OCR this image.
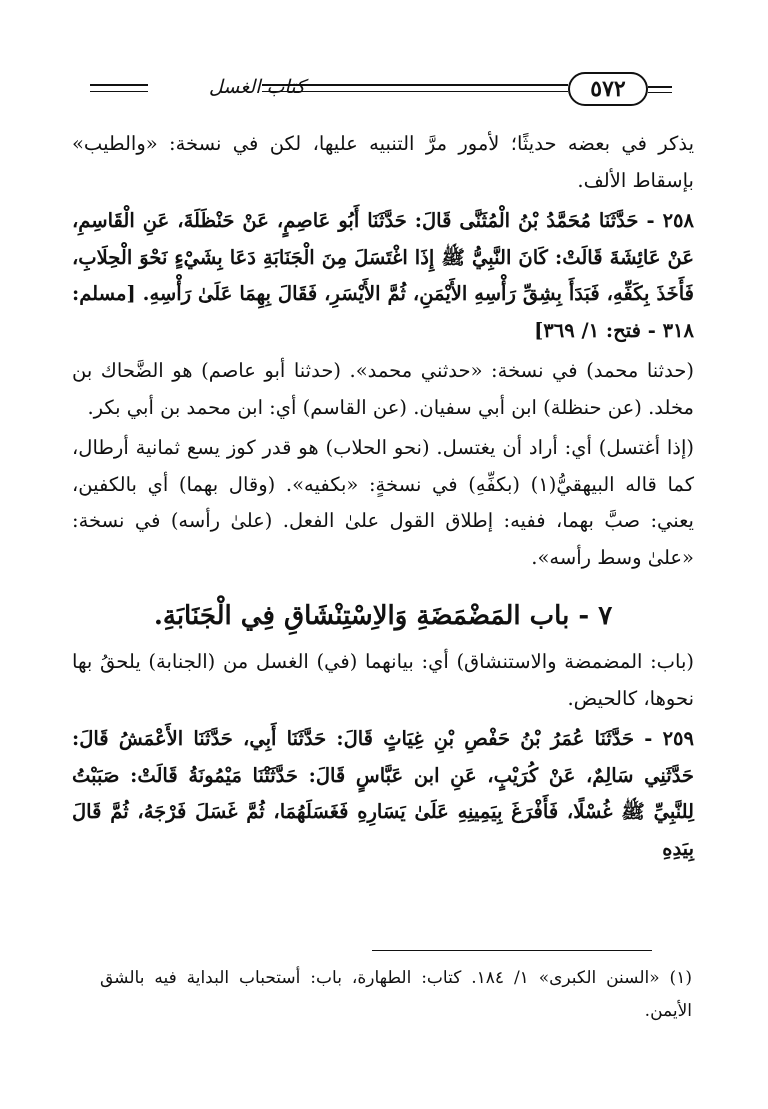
كتاب الغسل	٥٧٢

يذكر في بعضه حديثًا؛ لأمور مرَّ التنبيه عليها، لكن في نسخة: «والطيب» بإسقاط الألف.

٢٥٨ - حَدَّثَنَا مُحَمَّدُ بْنُ الْمُثَنَّى قَالَ: حَدَّثَنَا أَبُو عَاصِمٍ، عَنْ حَنْظَلَةَ، عَنِ الْقَاسِمِ، عَنْ عَائِشَةَ قَالَتْ: كَانَ النَّبِيُّ ﷺ إِذَا اغْتَسَلَ مِنَ الْجَنَابَةِ دَعَا بِشَيْءٍ نَحْوَ الْحِلَابِ، فَأَخَذَ بِكَفِّهِ، فَبَدَأَ بِشِقِّ رَأْسِهِ الأَيْمَنِ، ثُمَّ الأَيْسَرِ، فَقَالَ بِهِمَا عَلَىٰ رَأْسِهِ. [مسلم: ٣١٨ - فتح: ١/ ٣٦٩]

(حدثنا محمد) في نسخة: «حدثني محمد». (حدثنا أبو عاصم) هو الضَّحاك بن مخلد. (عن حنظلة) ابن أبي سفيان. (عن القاسم) أي: ابن محمد بن أبي بكر.

(إذا أغتسل) أي: أراد أن يغتسل. (نحو الحلاب) هو قدر كوز يسع ثمانية أرطال، كما قاله البيهقيُّ(١) (بكفِّهِ) في نسخةٍ: «بكفيه». (وقال بهما) أي بالكفين، يعني: صبَّ بهما، ففيه: إطلاق القول علىٰ الفعل. (علىٰ رأسه) في نسخة: «علىٰ وسط رأسه».

٧ - باب المَضْمَضَةِ وَالاِسْتِنْشَاقِ فِي الْجَنَابَةِ.

(باب: المضمضة والاستنشاق) أي: بيانهما (في) الغسل من (الجنابة) يلحقُ بها نحوها، كالحيض.

٢٥٩ - حَدَّثَنَا عُمَرُ بْنُ حَفْصِ بْنِ غِيَاثٍ قَالَ: حَدَّثَنَا أَبِي، حَدَّثَنَا الأَعْمَشُ قَالَ: حَدَّثَنِي سَالِمٌ، عَنْ كُرَيْبٍ، عَنِ ابن عَبَّاسٍ قَالَ: حَدَّثَتْنَا مَيْمُونَةُ قَالَتْ: صَبَبْتُ لِلنَّبِيِّ ﷺ غُسْلًا، فَأَفْرَغَ بِيَمِينِهِ عَلَىٰ يَسَارِهِ فَغَسَلَهُمَا، ثُمَّ غَسَلَ فَرْجَهُ، ثُمَّ قَالَ بِيَدِهِ

(١) «السنن الكبرى» ١/ ١٨٤. كتاب: الطهارة، باب: أستحباب البداية فيه بالشق الأيمن.
